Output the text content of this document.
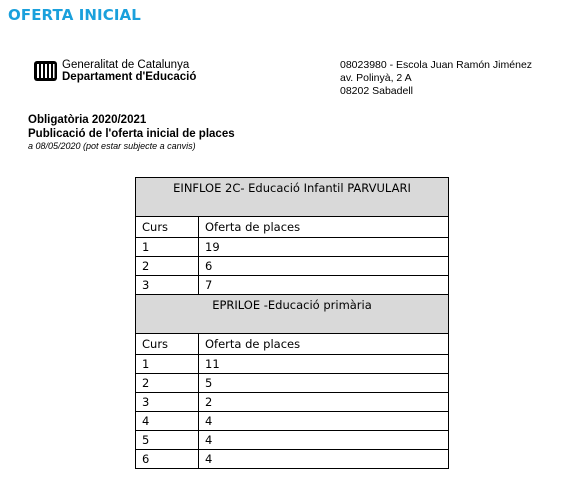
OFERTA INICIAL
Generalitat de Catalunya
Departament d'Educació
08023980 - Escola Juan Ramón Jiménez
av. Polinyà, 2 A
08202 Sabadell
Obligatòria 2020/2021
Publicació de l'oferta inicial de places
a 08/05/2020 (pot estar subjecte a canvis)
EINFLOE 2C- Educació Infantil PARVULARI	
Curs	Oferta de places
1	19
2	6
3	7
EPRILOE -Educació primària	
Curs	Oferta de places
1	11
2	5
3	2
4	4
5	4
6	4
